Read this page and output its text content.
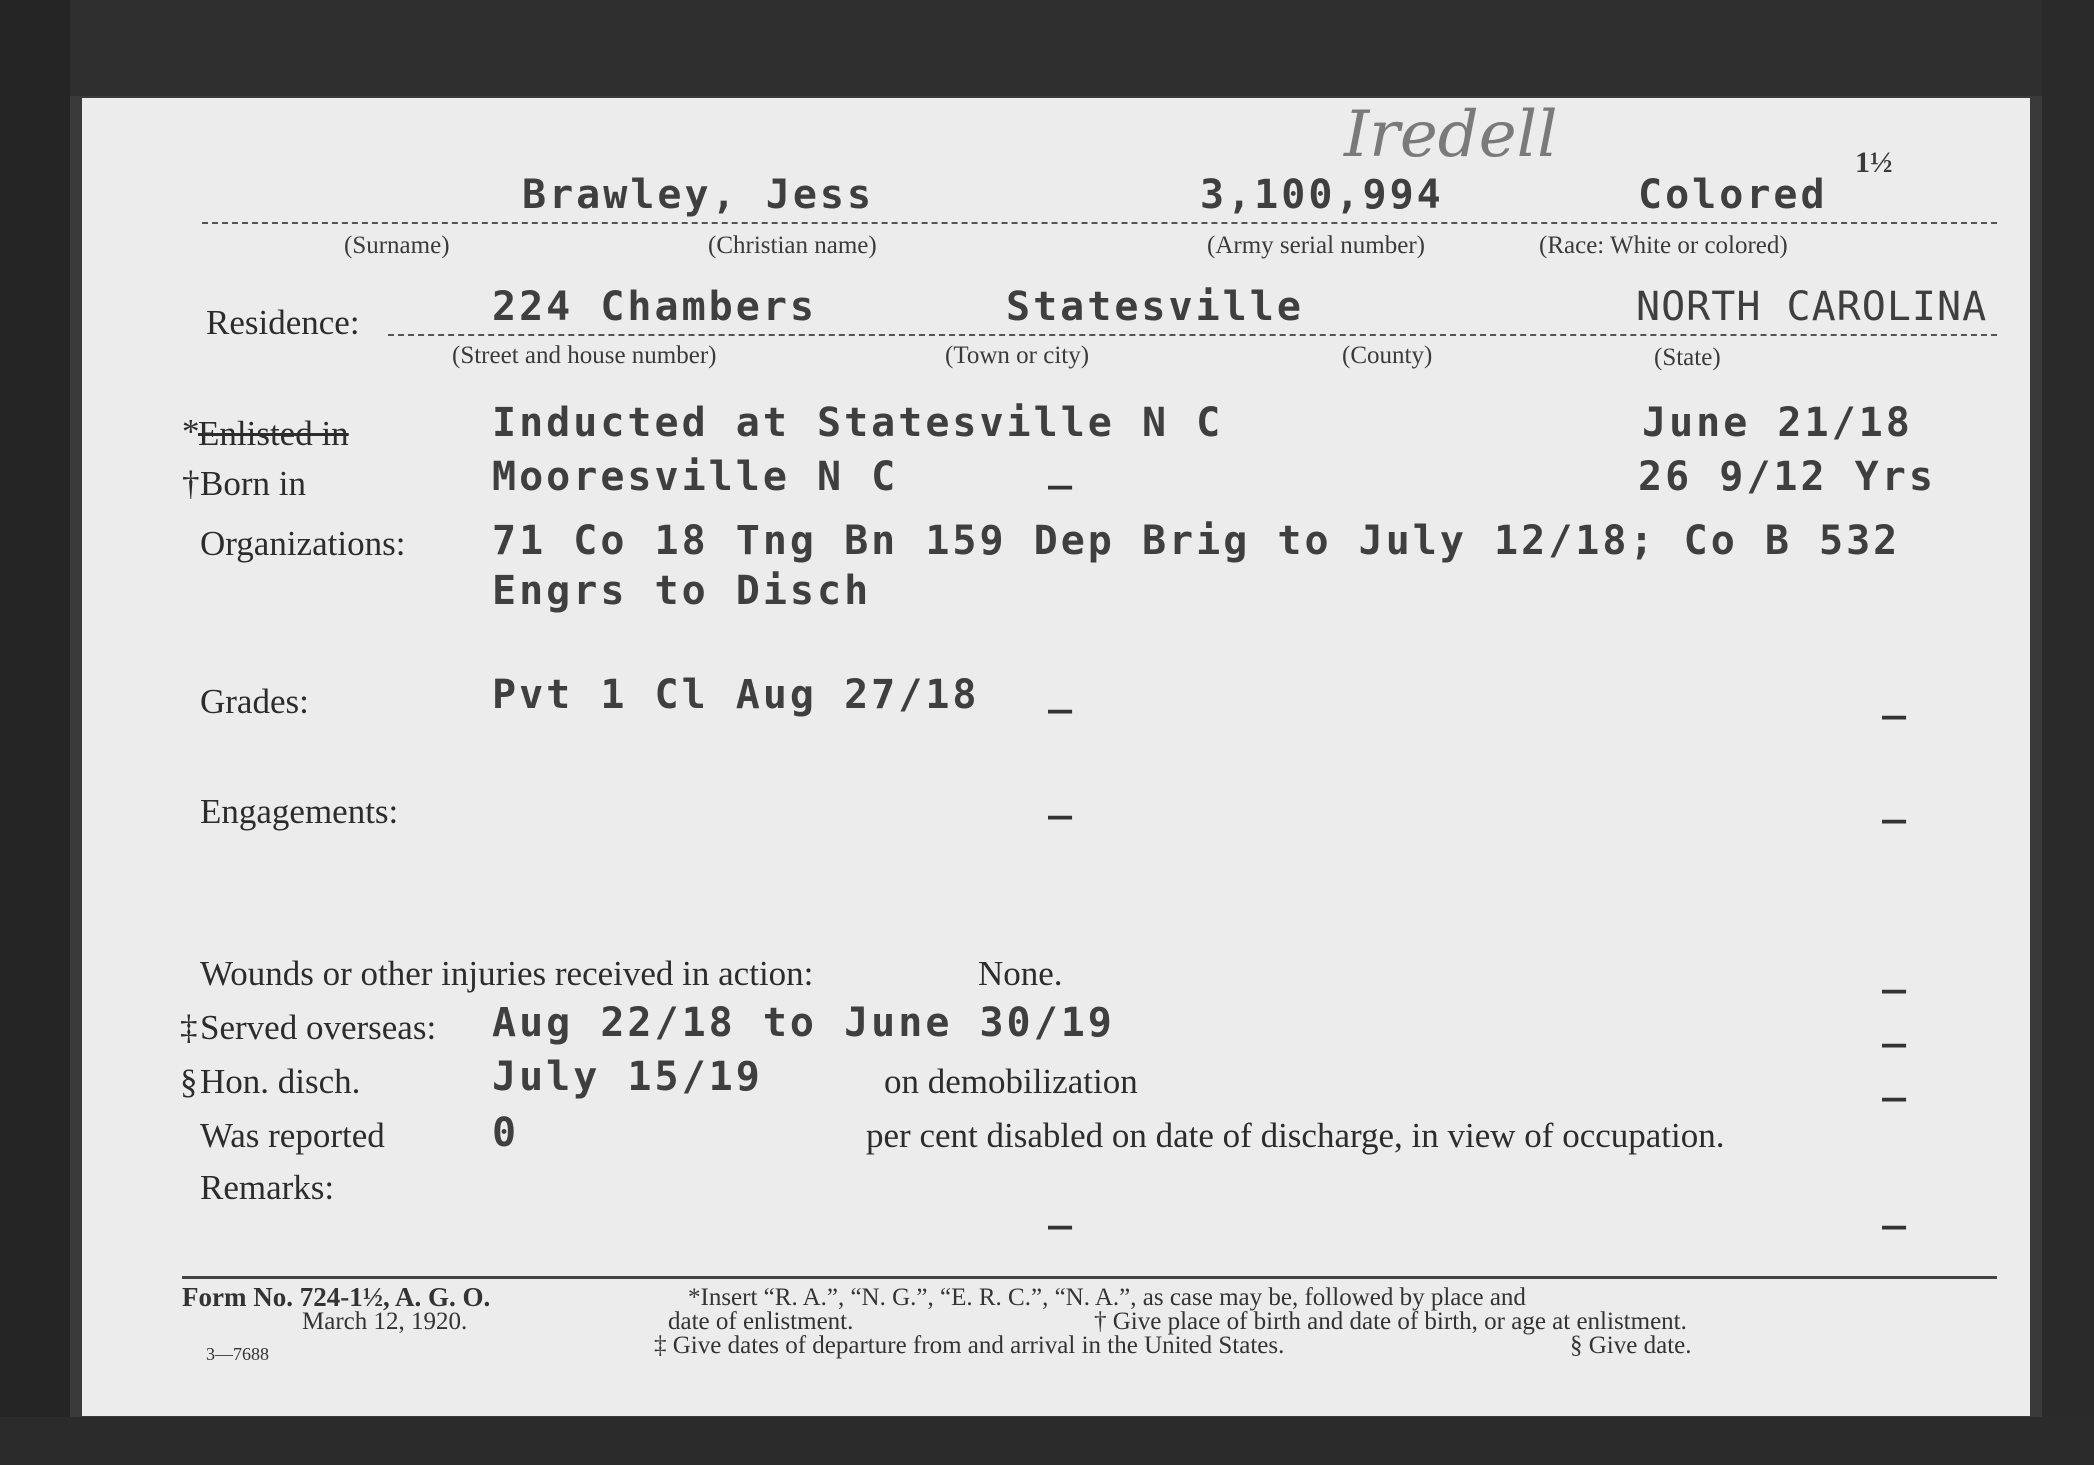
Iredell	1½
Brawley, Jess	3,100,994	Colored
(Surname)	(Christian name)	(Army serial number)	(Race: White or colored)
Residence:	224 Chambers	Statesville	NORTH CAROLINA
(Street and house number)	(Town or city)	(County)	(State)
*
Enlisted in	Inducted at Statesville N C	June 21/18
† Born in	Mooresville N C	_	26 9/12 Yrs
Organizations: 71 Co 18 Tng Bn 159 Dep Brig to July 12/18; Co B 532
Engrs to Disch
Grades:	Pvt 1 Cl Aug 27/18 _	_
Engagements:	_	_
Wounds or other injuries received in action:	None.	_
‡ Served overseas: Aug 22/18 to June 30/19	_
§ Hon. disch.	July 15/19	on demobilization	_
Was reported	0	per cent disabled on date of discharge, in view of occupation.
Remarks:	_	_
Form No. 724-1½, A. G. O.
March 12, 1920.
3—7688
*Insert “R. A.”, “N. G.”, “E. R. C.”, “N. A.”, as case may be, followed by place and
date of enlistment.	† Give place of birth and date of birth, or age at enlistment.
‡ Give dates of departure from and arrival in the United States.	§ Give date.
